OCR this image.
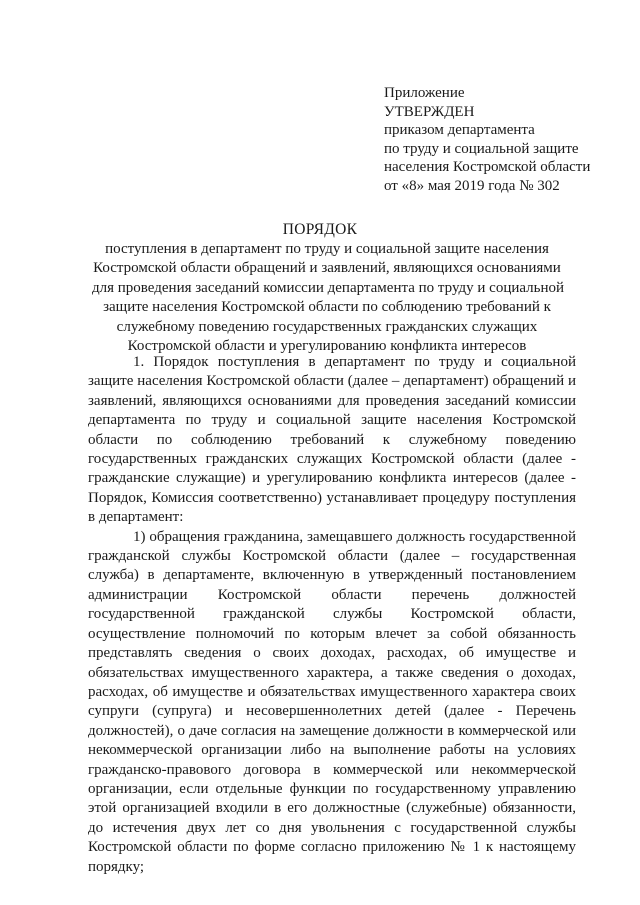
Приложение
УТВЕРЖДЕН
приказом департамента
по труду и социальной защите
населения Костромской области
от «8» мая 2019 года № 302
ПОРЯДОК
поступления в департамент по труду и социальной защите населения
Костромской области обращений и заявлений, являющихся основаниями
для проведения заседаний комиссии департамента по труду и социальной
защите населения Костромской области по соблюдению требований к
служебному поведению государственных гражданских служащих
Костромской области и урегулированию конфликта интересов

1. Порядок поступления в департамент по труду и социальной защите населения Костромской области (далее – департамент) обращений и заявлений, являющихся основаниями для проведения заседаний комиссии департамента по труду и социальной защите населения Костромской области по соблюдению требований к служебному поведению государственных гражданских служащих Костромской области (далее - гражданские служащие) и урегулированию конфликта интересов (далее - Порядок, Комиссия соответственно) устанавливает процедуру поступления в департамент:

1) обращения гражданина, замещавшего должность государственной гражданской службы Костромской области (далее – государственная служба) в департаменте, включенную в утвержденный постановлением администрации Костромской области перечень должностей государственной гражданской службы Костромской области, осуществление полномочий по которым влечет за собой обязанность представлять сведения о своих доходах, расходах, об имуществе и обязательствах имущественного характера, а также сведения о доходах, расходах, об имуществе и обязательствах имущественного характера своих супруги (супруга) и несовершеннолетних детей (далее - Перечень должностей), о даче согласия на замещение должности в коммерческой или некоммерческой организации либо на выполнение работы на условиях гражданско-правового договора в коммерческой или некоммерческой организации, если отдельные функции по государственному управлению этой организацией входили в его должностные (служебные) обязанности, до истечения двух лет со дня увольнения с государственной службы Костромской области по форме согласно приложению № 1 к настоящему порядку;
